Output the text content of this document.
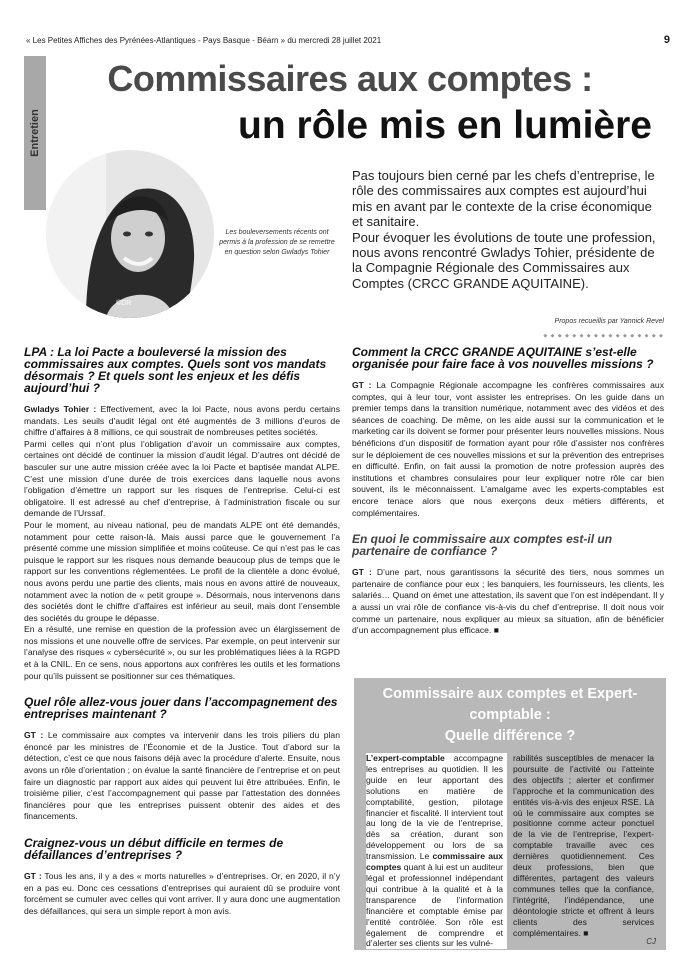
« Les Petites Affiches des Pyrénées-Atlantiques - Pays Basque - Béarn » du mercredi 28 juillet 2021	9
Entretien
Commissaires aux comptes :
un rôle mis en lumière
©DR
Les bouleversements récents ont permis à la profession de se remettre en question selon Gwladys Tohier

Pas toujours bien cerné par les chefs d’entreprise, le rôle des commissaires aux comptes est aujourd’hui mis en avant par le contexte de la crise économique et sanitaire.

Pour évoquer les évolutions de toute une profession, nous avons rencontré Gwladys Tohier, présidente de la Compagnie Régionale des Commissaires aux Comptes (CRCC GRANDE AQUITAINE).

Propos recueillis par Yannick Revel
◆ ◆ ◆ ◆ ◆ ◆ ◆ ◆ ◆ ◆ ◆ ◆ ◆ ◆ ◆ ◆ ◆
LPA : La loi Pacte a bouleversé la mission des commissaires aux comptes. Quels sont vos mandats désormais ? Et quels sont les enjeux et les défis aujourd’hui ?

Gwladys Tohier : Effectivement, avec la loi Pacte, nous avons perdu certains mandats. Les seuils d’audit légal ont été augmentés de 3 millions d’euros de chiffre d’affaires à 8 millions, ce qui soustrait de nombreuses petites sociétés.

Parmi celles qui n’ont plus l’obligation d’avoir un commissaire aux comptes, certaines ont décidé de continuer la mission d’audit légal. D’autres ont décidé de basculer sur une autre mission créée avec la loi Pacte et baptisée mandat ALPE. C’est une mission d’une durée de trois exercices dans laquelle nous avons l’obligation d’émettre un rapport sur les risques de l’entreprise. Celui-ci est obligatoire. Il est adressé au chef d’entreprise, à l’administration fiscale ou sur demande de l’Urssaf.

Pour le moment, au niveau national, peu de mandats ALPE ont été demandés, notamment pour cette raison-là. Mais aussi parce que le gouvernement l’a présenté comme une mission simplifiée et moins coûteuse. Ce qui n’est pas le cas puisque le rapport sur les risques nous demande beaucoup plus de temps que le rapport sur les conventions réglementées. Le profil de la clientèle a donc évolué, nous avons perdu une partie des clients, mais nous en avons attiré de nouveaux, notamment avec la notion de « petit groupe ». Désormais, nous intervenons dans des sociétés dont le chiffre d’affaires est inférieur au seuil, mais dont l’ensemble des sociétés du groupe le dépasse.

En a résulté, une remise en question de la profession avec un élargissement de nos missions et une nouvelle offre de services. Par exemple, on peut intervenir sur l’analyse des risques « cybersécurité », ou sur les problématiques liées à la RGPD et à la CNIL. En ce sens, nous apportons aux confrères les outils et les formations pour qu’ils puissent se positionner sur ces thématiques.

Quel rôle allez-vous jouer dans l’accompagnement des entreprises maintenant ?

GT : Le commissaire aux comptes va intervenir dans les trois piliers du plan énoncé par les ministres de l’Économie et de la Justice. Tout d’abord sur la détection, c’est ce que nous faisons déjà avec la procédure d’alerte. Ensuite, nous avons un rôle d’orientation ; on évalue la santé financière de l’entreprise et on peut faire un diagnostic par rapport aux aides qui peuvent lui être attribuées. Enfin, le troisième pilier, c’est l’accompagnement qui passe par l’attestation des données financières pour que les entreprises puissent obtenir des aides et des financements.

Craignez-vous un début difficile en termes de défaillances d’entreprises ?

GT : Tous les ans, il y a des « morts naturelles » d’entreprises. Or, en 2020, il n’y en a pas eu. Donc ces cessations d’entreprises qui auraient dû se produire vont forcément se cumuler avec celles qui vont arriver. Il y aura donc une augmentation des défaillances, qui sera un simple report à mon avis.

Comment la CRCC GRANDE AQUITAINE s’est-elle organisée pour faire face à vos nouvelles missions ?

GT : La Compagnie Régionale accompagne les confrères commissaires aux comptes, qui à leur tour, vont assister les entreprises. On les guide dans un premier temps dans la transition numérique, notamment avec des vidéos et des séances de coaching. De même, on les aide aussi sur la communication et le marketing car ils doivent se former pour présenter leurs nouvelles missions. Nous bénéficions d’un dispositif de formation ayant pour rôle d’assister nos confrères sur le déploiement de ces nouvelles missions et sur la prévention des entreprises en difficulté. Enfin, on fait aussi la promotion de notre profession auprès des institutions et chambres consulaires pour leur expliquer notre rôle car bien souvent, ils le méconnaissent. L’amalgame avec les experts-comptables est encore tenace alors que nous exerçons deux métiers différents, et complémentaires.

En quoi le commissaire aux comptes est-il un partenaire de confiance ?

GT : D’une part, nous garantissons la sécurité des tiers, nous sommes un partenaire de confiance pour eux ; les banquiers, les fournisseurs, les clients, les salariés… Quand on émet une attestation, ils savent que l’on est indépendant. Il y a aussi un vrai rôle de confiance vis-à-vis du chef d’entreprise. Il doit nous voir comme un partenaire, nous expliquer au mieux sa situation, afin de bénéficier d’un accompagnement plus efficace. ■

Commissaire aux comptes et Expert-comptable :
Quelle différence ?

L’expert-comptable accompagne les entreprises au quotidien. Il les guide en leur apportant des solutions en matière de comptabilité, gestion, pilotage financier et fiscalité. Il intervient tout au long de la vie de l’entreprise, dès sa création, durant son développement ou lors de sa transmission. Le commissaire aux comptes quant à lui est un auditeur légal et professionnel indépendant qui contribue à la qualité et à la transparence de l’information financière et comptable émise par l’entité contrôlée. Son rôle est également de comprendre et d’alerter ses clients sur les vulné-

rabilités susceptibles de menacer la poursuite de l’activité ou l’atteinte des objectifs ; alerter et confirmer l’approche et la communication des entités vis-à-vis des enjeux RSE. Là où le commissaire aux comptes se positionne comme acteur ponctuel de la vie de l’entreprise, l’expert-comptable travaille avec ces dernières quotidiennement. Ces deux professions, bien que différentes, partagent des valeurs communes telles que la confiance, l’intégrité, l’indépendance, une déontologie stricte et offrent à leurs clients des services complémentaires. ■

CJ
